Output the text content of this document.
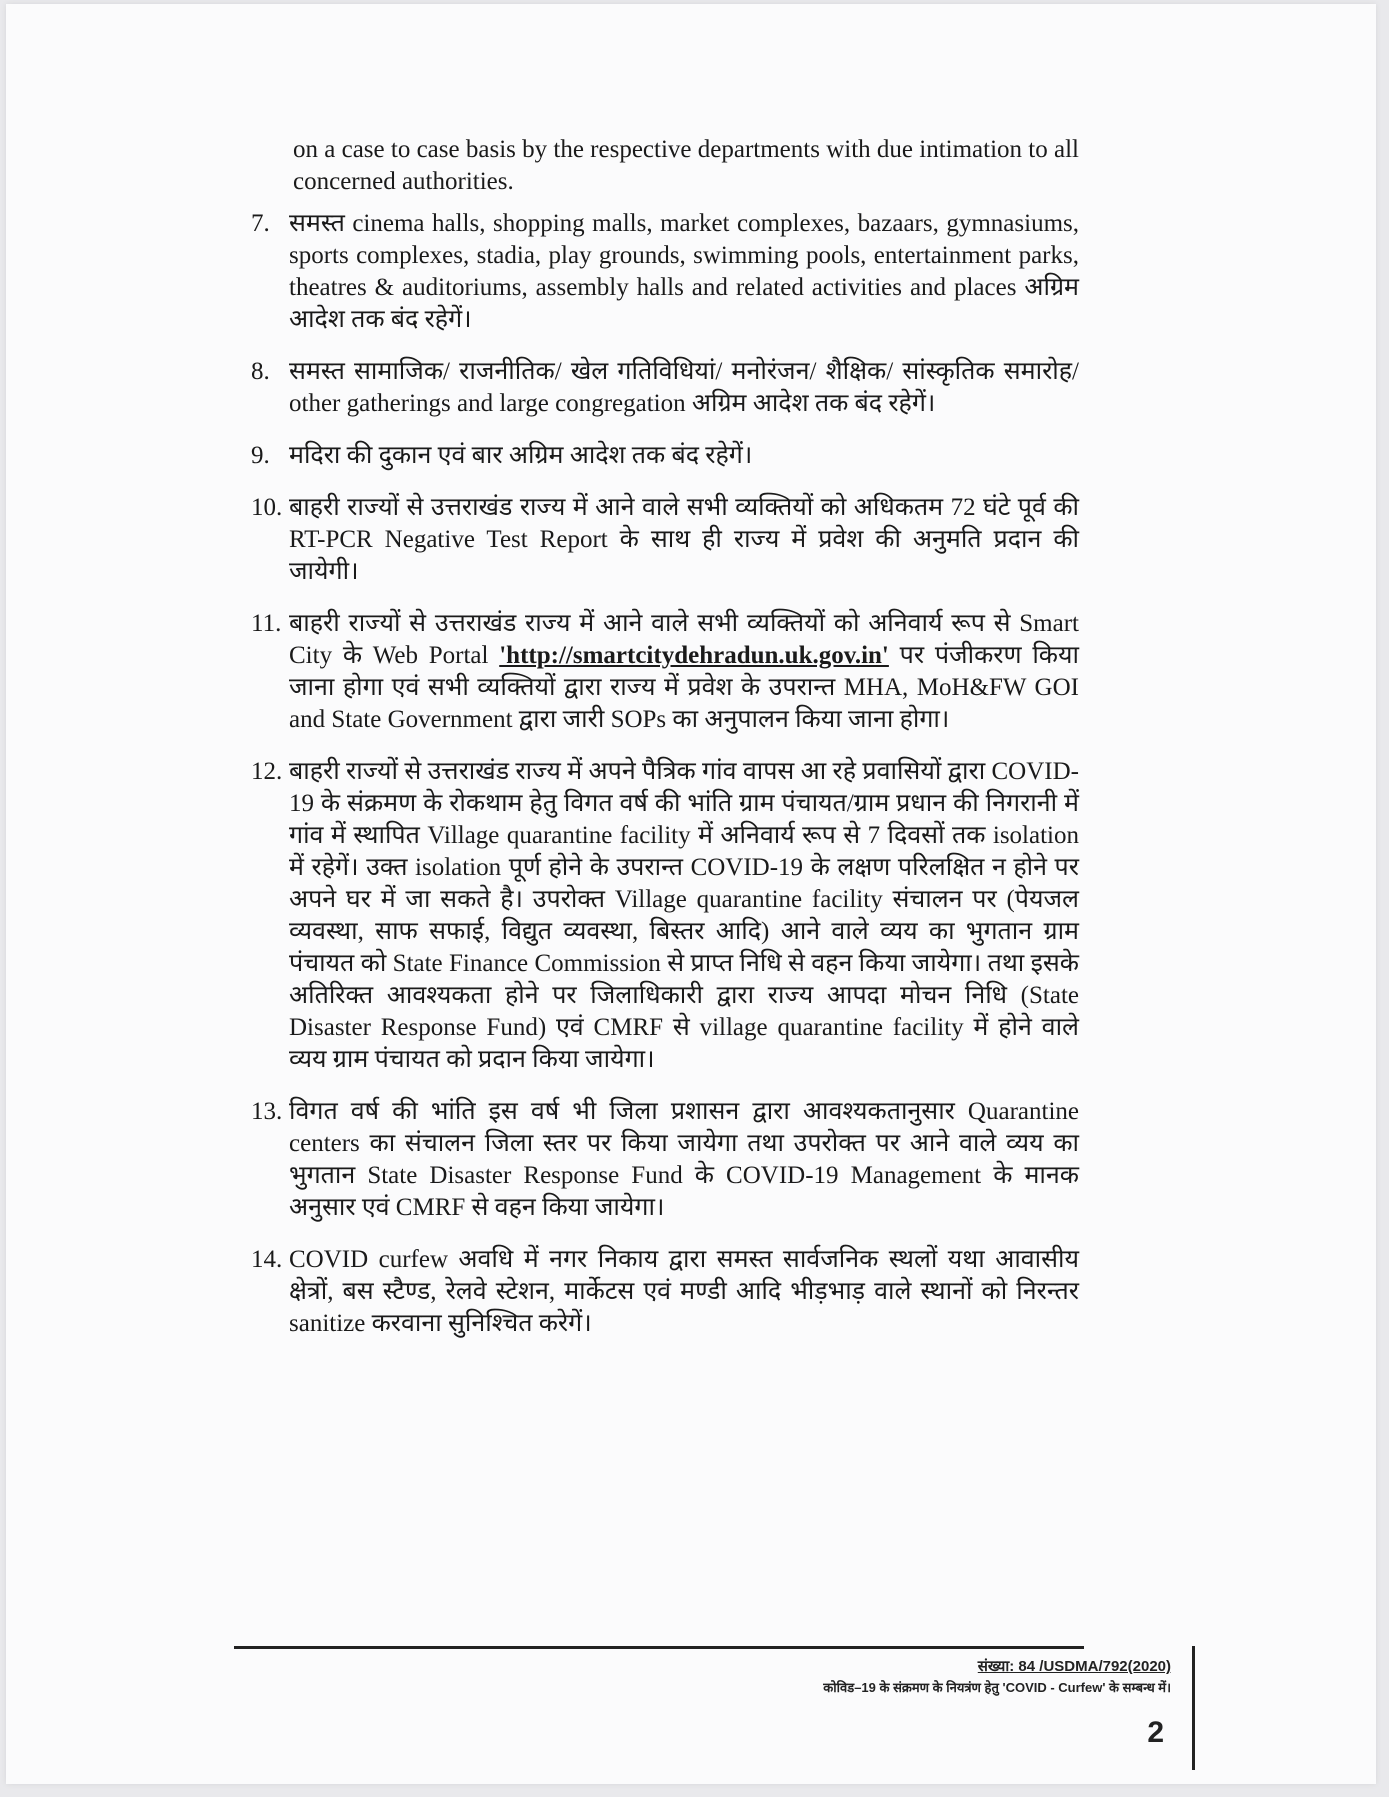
on a case to case basis by the respective departments with due intimation to all concerned authorities.

7. समस्त cinema halls, shopping malls, market complexes, bazaars, gymnasiums, sports complexes, stadia, play grounds, swimming pools, entertainment parks, theatres & auditoriums, assembly halls and related activities and places अग्रिम आदेश तक बंद रहेगें।
8. समस्त सामाजिक/ राजनीतिक/ खेल गतिविधियां/ मनोरंजन/ शैक्षिक/ सांस्कृतिक समारोह/ other gatherings and large congregation अग्रिम आदेश तक बंद रहेगें।
9. मदिरा की दुकान एवं बार अग्रिम आदेश तक बंद रहेगें।
10. बाहरी राज्यों से उत्तराखंड राज्य में आने वाले सभी व्यक्तियों को अधिकतम 72 घंटे पूर्व की RT-PCR Negative Test Report के साथ ही राज्य में प्रवेश की अनुमति प्रदान की जायेगी।
11. बाहरी राज्यों से उत्तराखंड राज्य में आने वाले सभी व्यक्तियों को अनिवार्य रूप से Smart City के Web Portal 'http://smartcitydehradun.uk.gov.in' पर पंजीकरण किया जाना होगा एवं सभी व्यक्तियों द्वारा राज्य में प्रवेश के उपरान्त MHA, MoH&FW GOI and State Government द्वारा जारी SOPs का अनुपालन किया जाना होगा।
12. बाहरी राज्यों से उत्तराखंड राज्य में अपने पैत्रिक गांव वापस आ रहे प्रवासियों द्वारा COVID-19 के संक्रमण के रोकथाम हेतु विगत वर्ष की भांति ग्राम पंचायत/ग्राम प्रधान की निगरानी में गांव में स्थापित Village quarantine facility में अनिवार्य रूप से 7 दिवसों तक isolation में रहेगें। उक्त isolation पूर्ण होने के उपरान्त COVID-19 के लक्षण परिलक्षित न होने पर अपने घर में जा सकते है। उपरोक्त Village quarantine facility संचालन पर (पेयजल व्यवस्था, साफ सफाई, विद्युत व्यवस्था, बिस्तर आदि) आने वाले व्यय का भुगतान ग्राम पंचायत को State Finance Commission से प्राप्त निधि से वहन किया जायेगा। तथा इसके अतिरिक्त आवश्यकता होने पर जिलाधिकारी द्वारा राज्य आपदा मोचन निधि (State Disaster Response Fund) एवं CMRF से village quarantine facility में होने वाले व्यय ग्राम पंचायत को प्रदान किया जायेगा।
13. विगत वर्ष की भांति इस वर्ष भी जिला प्रशासन द्वारा आवश्यकतानुसार Quarantine centers का संचालन जिला स्तर पर किया जायेगा तथा उपरोक्त पर आने वाले व्यय का भुगतान State Disaster Response Fund के COVID-19 Management के मानक अनुसार एवं CMRF से वहन किया जायेगा।
14. COVID curfew अवधि में नगर निकाय द्वारा समस्त सार्वजनिक स्थलों यथा आवासीय क्षेत्रों, बस स्टैण्ड, रेलवे स्टेशन, मार्केटस एवं मण्डी आदि भीड़भाड़ वाले स्थानों को निरन्तर sanitize करवाना सुनिश्चित करेगें।
संख्या: 84 /USDMA/792(2020)
कोविड–19 के संक्रमण के नियत्रंण हेतु 'COVID - Curfew' के सम्बन्ध में।
2
